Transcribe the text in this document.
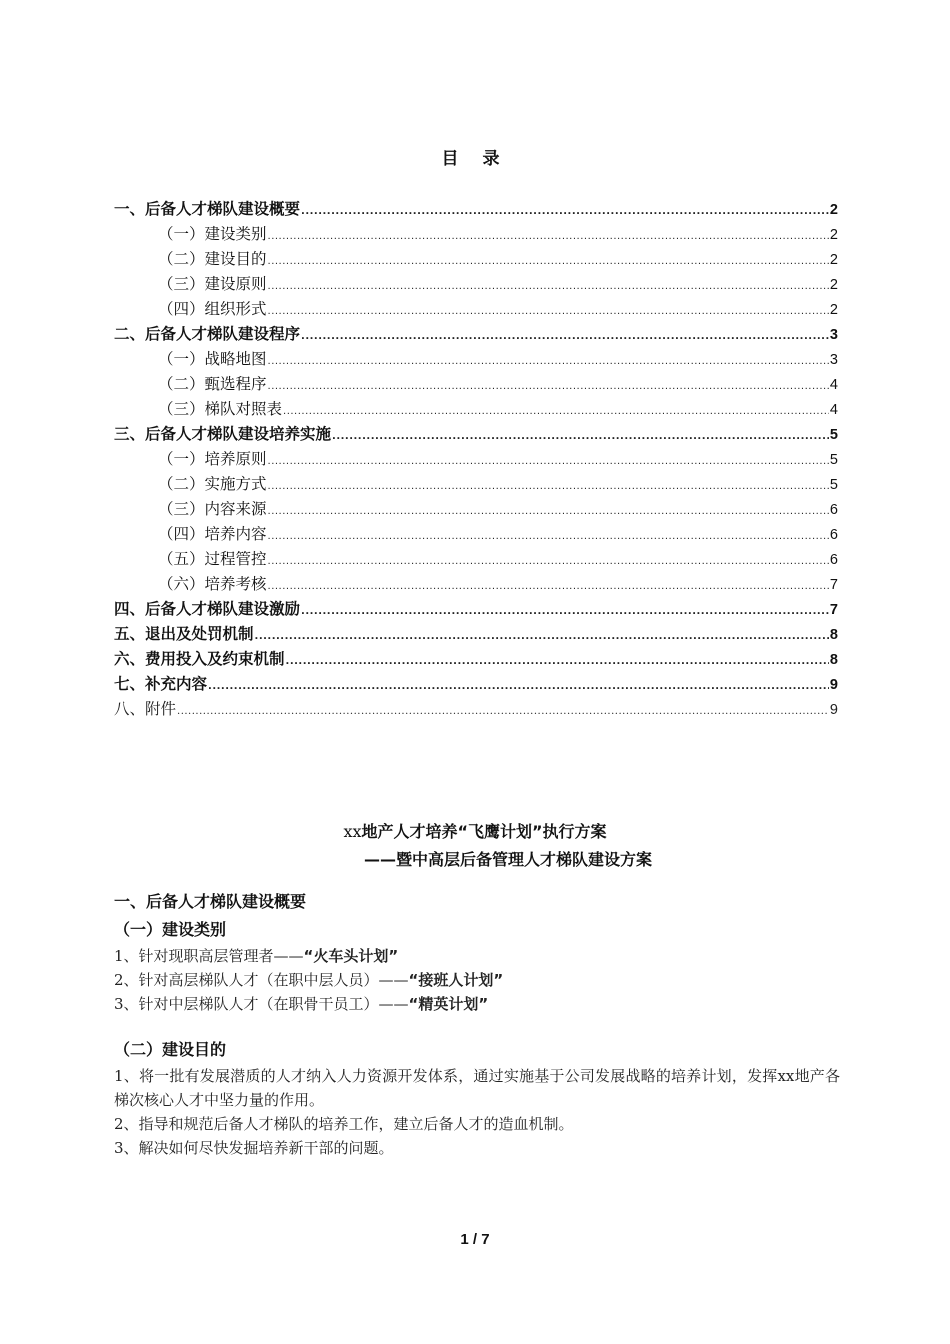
目 录
一、后备人才梯队建设概要 .....	2
（一）建设类别 .....	2
（二）建设目的 .....	2
（三）建设原则 .....	2
（四）组织形式 .....	2
二、后备人才梯队建设程序 .....	3
（一）战略地图 .....	3
（二）甄选程序 .....	4
（三）梯队对照表 .....	4
三、后备人才梯队建设培养实施 .....	5
（一）培养原则 .....	5
（二）实施方式 .....	5
（三）内容来源 .....	6
（四）培养内容 .....	6
（五）过程管控 .....	6
（六）培养考核 .....	7
四、后备人才梯队建设激励 .....	7
五、退出及处罚机制 .....	8
六、费用投入及约束机制 .....	8
七、补充内容 .....	9
八、附件 .....	9
xx地产人才培养“飞鹰计划”执行方案
——暨中高层后备管理人才梯队建设方案
一、后备人才梯队建设概要
（一）建设类别
1、针对现职高层管理者——“火车头计划”
2、针对高层梯队人才（在职中层人员）——“接班人计划”
3、针对中层梯队人才（在职骨干员工）——“精英计划”
（二）建设目的
1、将一批有发展潜质的人才纳入人力资源开发体系，通过实施基于公司发展战略的培养计划，发挥xx地产各梯次核心人才中坚力量的作用。
2、指导和规范后备人才梯队的培养工作，建立后备人才的造血机制。
3、解决如何尽快发掘培养新干部的问题。
1 / 7
